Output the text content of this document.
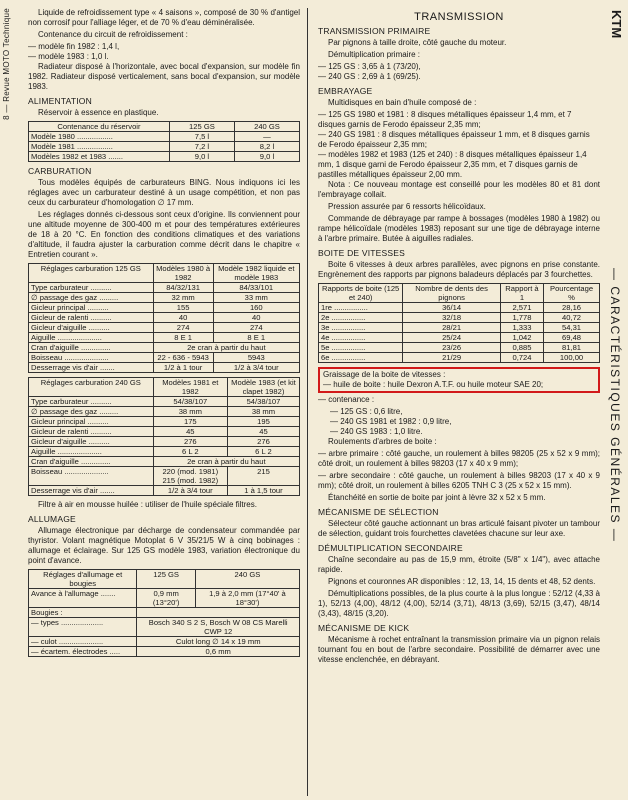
8 — Revue MOTO Technique	KTM
— CARACTÉRISTIQUES GÉNÉRALES —

Liquide de refroidissement type « 4 saisons », composé de 30 % d'antigel non corrosif pour l'alliage léger, et de 70 % d'eau déminéralisée.

Contenance du circuit de refroidissement :

— modèle fin 1982 : 1,4 l,
— modèle 1983 : 1,0 l.

Radiateur disposé à l'horizontale, avec bocal d'expansion, sur modèle fin 1982. Radiateur disposé verticalement, sans bocal d'expansion, sur modèle 1983.

ALIMENTATION

Réservoir à essence en plastique.

Contenance du réservoir	125 GS	240 GS
Modèle 1980 .................	7,5 l	—
Modèle 1981 .................	7,2 l	8,2 l
Modèles 1982 et 1983 .......	9,0 l	9,0 l
CARBURATION

Tous modèles équipés de carburateurs BING. Nous indiquons ici les réglages avec un carburateur destiné à un usage compétition, et non pas ceux du carburateur d'homologation ∅ 17 mm.

Les réglages donnés ci-dessous sont ceux d'origine. Ils conviennent pour une altitude moyenne de 300-400 m et pour des températures extérieures de 18 à 20 °C. En fonction des conditions climatiques et des variations d'altitude, il faudra ajuster la carburation comme décrit dans le chapitre « Entretien courant ».

Réglages carburation 125 GS	Modèles 1980 à 1982	Modèle 1982 liquide et modèle 1983
Type carburateur ..........	84/32/131	84/33/101
∅ passage des gaz .........	32 mm	33 mm
Gicleur principal ..........	155	160
Gicleur de ralenti ..........	40	40
Gicleur d'aiguille ..........	274	274
Aiguille .....................	8 E 1	8 E 1
Cran d'aiguille ..............	2e cran à partir du haut	
Boisseau .....................	22 - 636 - 5943	5943
Desserrage vis d'air .......	1/2 à 1 tour	1/2 à 3/4 tour
Réglages carburation 240 GS	Modèles 1981 et 1982	Modèle 1983 (et kit clapet 1982)
Type carburateur ..........	54/38/107	54/38/107
∅ passage des gaz .........	38 mm	38 mm
Gicleur principal ..........	175	195
Gicleur de ralenti ..........	45	45
Gicleur d'aiguille ..........	276	276
Aiguille .....................	6 L 2	6 L 2
Cran d'aiguille ..............	2e cran à partir du haut	
Boisseau .....................	220 (mod. 1981) 215 (mod. 1982)	215
Desserrage vis d'air .......	1/2 à 3/4 tour	1 à 1,5 tour

Filtre à air en mousse huilée : utiliser de l'huile spéciale filtres.

ALLUMAGE

Allumage électronique par décharge de condensateur commandée par thyristor. Volant magnétique Motoplat 6 V 35/21/5 W à cinq bobinages : allumage et éclairage. Sur 125 GS modèle 1983, variation électronique du point d'avance.

Réglages d'allumage et bougies	125 GS	240 GS
Avance à l'allumage .......	0,9 mm (13°20')	1,9 à 2,0 mm (17°40' à 18°30')
Bougies :		
— types ....................	Bosch 340 S 2 S, Bosch W 08 CS Marelli CWP 12	
— culot .....................	Culot long ∅ 14 x 19 mm	
— écartem. électrodes .....	0,6 mm	
TRANSMISSION
TRANSMISSION PRIMAIRE

Par pignons à taille droite, côté gauche du moteur.

Démultiplication primaire :

— 125 GS : 3,65 à 1 (73/20),
— 240 GS : 2,69 à 1 (69/25).
EMBRAYAGE

Multidisques en bain d'huile composé de :

— 125 GS 1980 et 1981 : 8 disques métalliques épaisseur 1,4 mm, et 7 disques garnis de Ferodo épaisseur 2,35 mm;
— 240 GS 1981 : 8 disques métalliques épaisseur 1 mm, et 8 disques garnis de Ferodo épaisseur 2,35 mm;
— modèles 1982 et 1983 (125 et 240) : 8 disques métalliques épaisseur 1,4 mm, 1 disque garni de Ferodo épaisseur 2,35 mm, et 7 disques garnis de pastilles métalliques épaisseur 2,00 mm.

Nota : Ce nouveau montage est conseillé pour les modèles 80 et 81 dont l'embrayage collait.

Pression assurée par 6 ressorts hélicoïdaux.

Commande de débrayage par rampe à bossages (modèles 1980 à 1982) ou rampe hélicoïdale (modèles 1983) reposant sur une tige de débrayage interne à l'arbre primaire. Butée à aiguilles radiales.

BOITE DE VITESSES

Boite 6 vitesses à deux arbres parallèles, avec pignons en prise constante. Engrènement des rapports par pignons baladeurs déplacés par 3 fourchettes.

Rapports de boite (125 et 240)	Nombre de dents des pignons	Rapport à 1	Pourcentage %
1re ................	36/14	2,571	28,16
2e ................	32/18	1,778	40,72
3e ................	28/21	1,333	54,31
4e ................	25/24	1,042	69,48
5e ................	23/26	0,885	81,81
6e ................	21/29	0,724	100,00
Graissage de la boite de vitesses :
— huile de boite : huile Dexron A.T.F. ou huile moteur SAE 20;

— contenance :

— 125 GS : 0,6 litre,
— 240 GS 1981 et 1982 : 0,9 litre,
— 240 GS 1983 : 1,0 litre.

Roulements d'arbres de boite :

— arbre primaire : côté gauche, un roulement à billes 98205 (25 x 52 x 9 mm); côté droit, un roulement à billes 98203 (17 x 40 x 9 mm);

— arbre secondaire : côté gauche, un roulement à billes 98203 (17 x 40 x 9 mm); côté droit, un roulement à billes 6205 TNH C 3 (25 x 52 x 15 mm).

Étanchéité en sortie de boite par joint à lèvre 32 x 52 x 5 mm.

MÉCANISME DE SÉLECTION

Sélecteur côté gauche actionnant un bras articulé faisant pivoter un tambour de sélection, guidant trois fourchettes clavetées chacune sur leur axe.

DÉMULTIPLICATION SECONDAIRE

Chaîne secondaire au pas de 15,9 mm, étroite (5/8" x 1/4"), avec attache rapide.

Pignons et couronnes AR disponibles : 12, 13, 14, 15 dents et 48, 52 dents.

Démultiplications possibles, de la plus courte à la plus longue : 52/12 (4,33 à 1), 52/13 (4,00), 48/12 (4,00), 52/14 (3,71), 48/13 (3,69), 52/15 (3,47), 48/14 (3,43), 48/15 (3,20).

MÉCANISME DE KICK

Mécanisme à rochet entraînant la transmission primaire via un pignon relais tournant fou en bout de l'arbre secondaire. Possibilité de démarrer avec une vitesse enclenchée, en débrayant.
